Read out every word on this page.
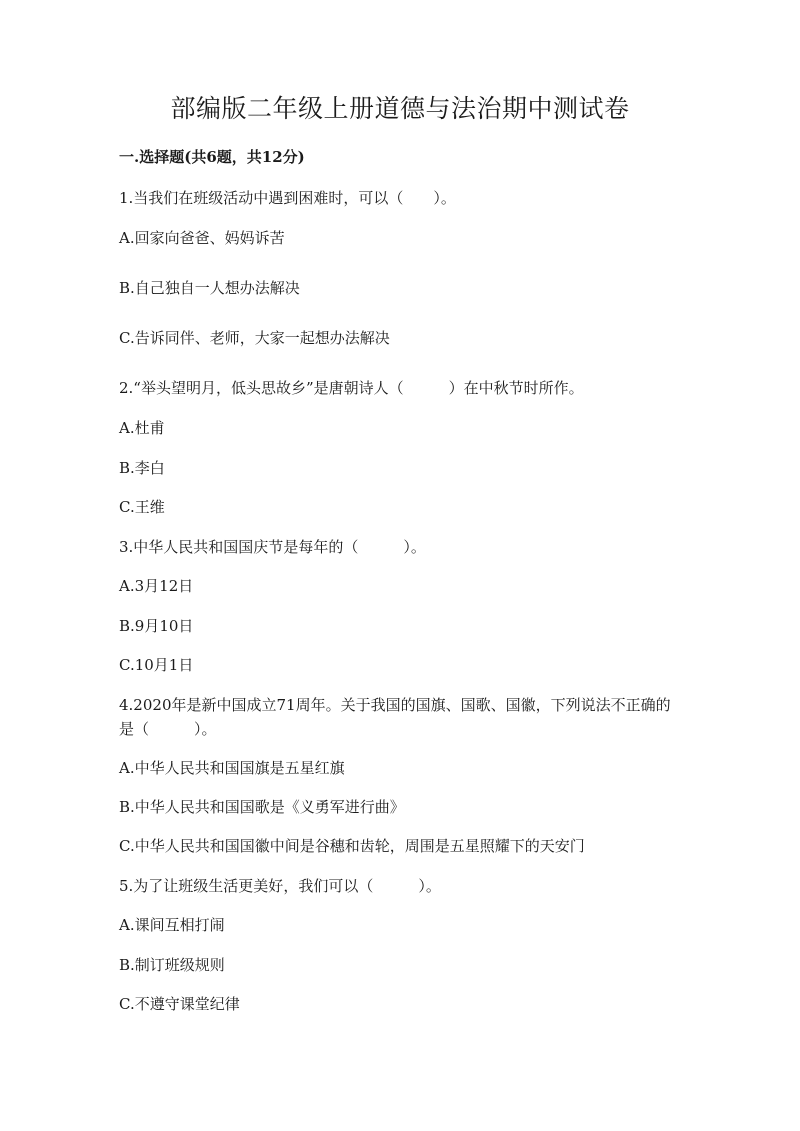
部编版二年级上册道德与法治期中测试卷
一.选择题(共6题，共12分)
1.当我们在班级活动中遇到困难时，可以（　　）。
A.回家向爸爸、妈妈诉苦
B.自己独自一人想办法解决
C.告诉同伴、老师，大家一起想办法解决
2.“举头望明月，低头思故乡”是唐朝诗人（　　　）在中秋节时所作。
A.杜甫
B.李白
C.王维
3.中华人民共和国国庆节是每年的（　　　）。
A.3月12日
B.9月10日
C.10月1日
4.2020年是新中国成立71周年。关于我国的国旗、国歌、国徽，下列说法不正确的是（　　　）。
A.中华人民共和国国旗是五星红旗
B.中华人民共和国国歌是《义勇军进行曲》
C.中华人民共和国国徽中间是谷穗和齿轮，周围是五星照耀下的天安门
5.为了让班级生活更美好，我们可以（　　　）。
A.课间互相打闹
B.制订班级规则
C.不遵守课堂纪律
